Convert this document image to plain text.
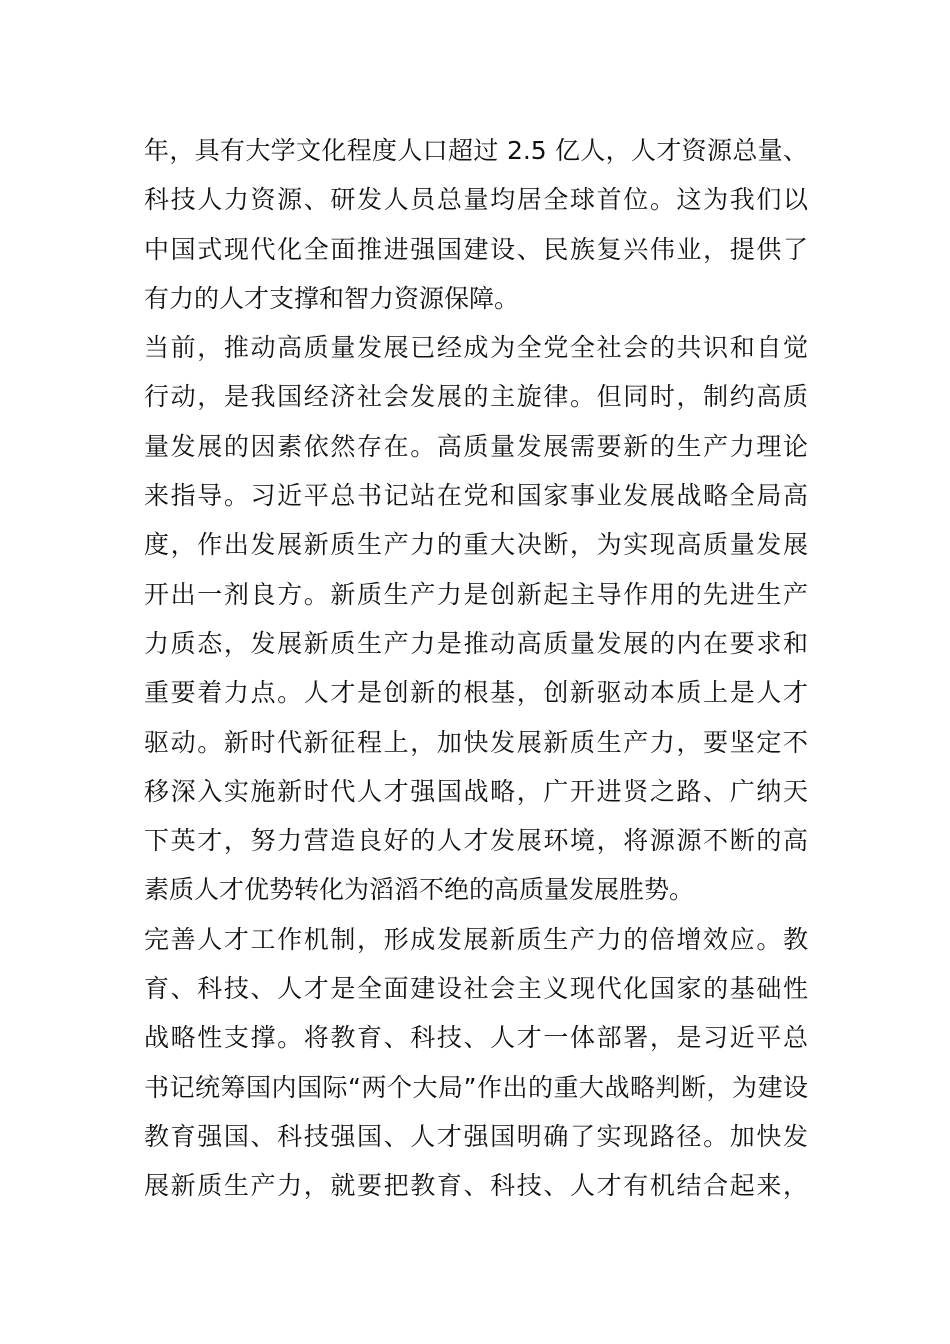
年，具有大学文化程度人口超过 2.5 亿人，人才资源总量、
科技人力资源、研发人员总量均居全球首位。这为我们以
中国式现代化全面推进强国建设、民族复兴伟业，提供了
有力的人才支撑和智力资源保障。
当前，推动高质量发展已经成为全党全社会的共识和自觉
行动，是我国经济社会发展的主旋律。但同时，制约高质
量发展的因素依然存在。高质量发展需要新的生产力理论
来指导。习近平总书记站在党和国家事业发展战略全局高
度，作出发展新质生产力的重大决断，为实现高质量发展
开出一剂良方。新质生产力是创新起主导作用的先进生产
力质态，发展新质生产力是推动高质量发展的内在要求和
重要着力点。人才是创新的根基，创新驱动本质上是人才
驱动。新时代新征程上，加快发展新质生产力，要坚定不
移深入实施新时代人才强国战略，广开进贤之路、广纳天
下英才，努力营造良好的人才发展环境，将源源不断的高
素质人才优势转化为滔滔不绝的高质量发展胜势。
完善人才工作机制，形成发展新质生产力的倍增效应。教
育、科技、人才是全面建设社会主义现代化国家的基础性
战略性支撑。将教育、科技、人才一体部署，是习近平总
书记统筹国内国际“两个大局”作出的重大战略判断，为建设
教育强国、科技强国、人才强国明确了实现路径。加快发
展新质生产力，就要把教育、科技、人才有机结合起来，
